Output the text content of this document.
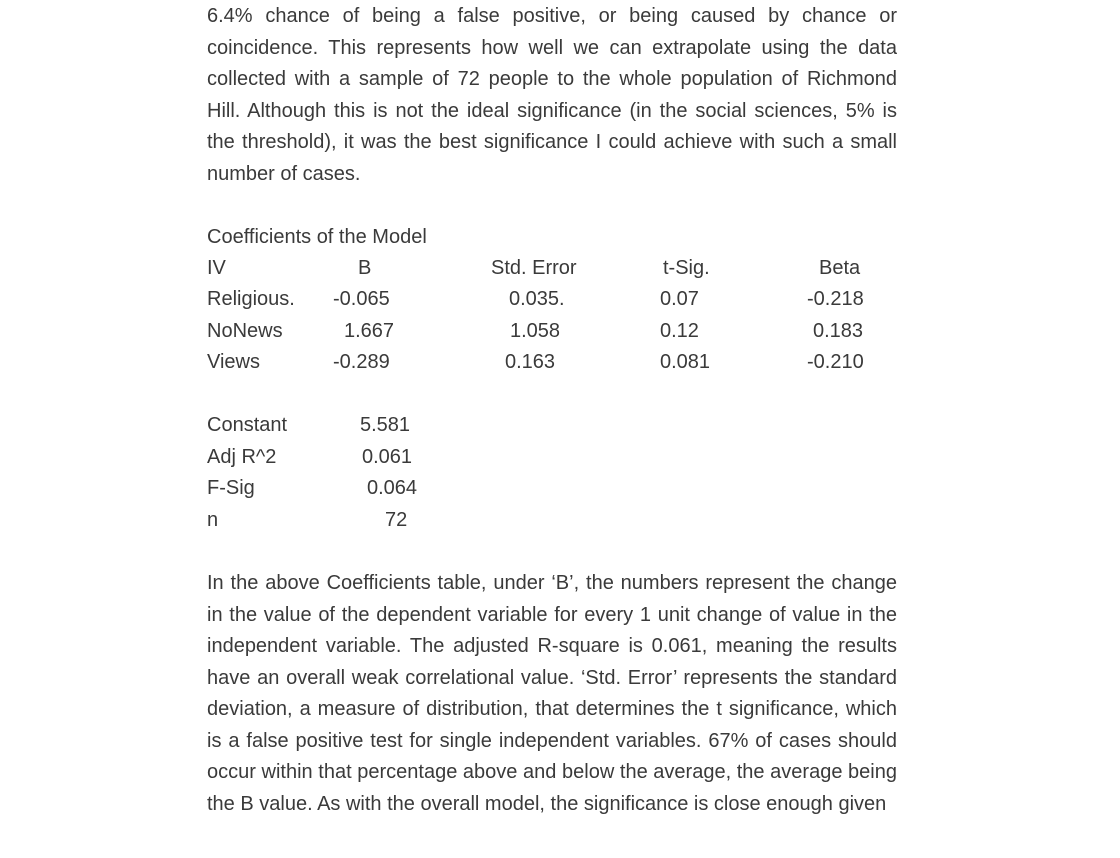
6.4% chance of being a false positive, or being caused by chance or coincidence. This represents how well we can extrapolate using the data collected with a sample of 72 people to the whole population of Richmond Hill. Although this is not the ideal significance (in the social sciences, 5% is the threshold), it was the best significance I could achieve with such a small number of cases.

Coefficients of the Model
IV	B	Std. Error	t-Sig.	Beta
Religious. -0.065	0.035.	0.07	-0.218
NoNews	1.667	1.058	0.12	0.183
Views	-0.289	0.163	0.081	-0.210
Constant	5.581
Adj R^2	0.061
F-Sig	0.064
n	72

In the above Coefficients table, under ‘B’, the numbers represent the change in the value of the dependent variable for every 1 unit change of value in the independent variable. The adjusted R-square is 0.061, meaning the results have an overall weak correlational value. ‘Std. Error’ represents the standard deviation, a measure of distribution, that determines the t significance, which is a false positive test for single independent variables. 67% of cases should occur within that percentage above and below the average, the average being the B value. As with the overall model, the significance is close enough given
